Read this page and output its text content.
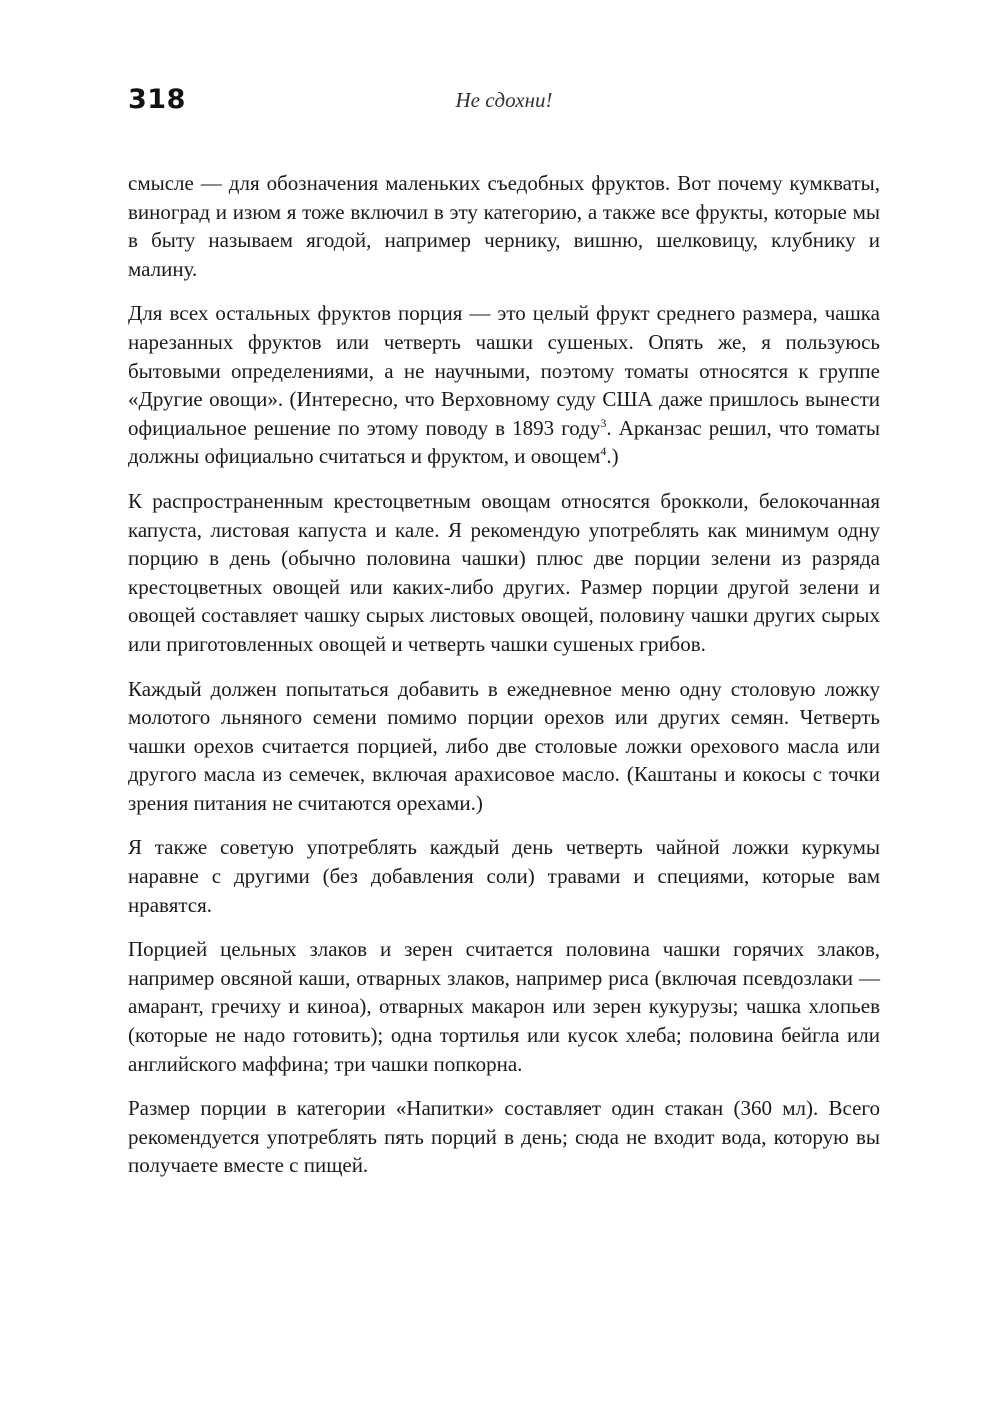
318	Не сдохни!

смысле — для обозначения маленьких съедобных фруктов. Вот почему кумкваты, виноград и изюм я тоже включил в эту категорию, а также все фрукты, которые мы в быту называем ягодой, например чернику, вишню, шелковицу, клубнику и малину.

Для всех остальных фруктов порция — это целый фрукт среднего размера, чашка нарезанных фруктов или четверть чашки сушеных. Опять же, я пользуюсь бытовыми определениями, а не научными, поэтому томаты относятся к группе «Другие овощи». (Интересно, что Верховному суду США даже пришлось вынести официальное решение по этому поводу в 1893 году$^3$. Арканзас решил, что томаты должны официально считаться и фруктом, и овощем$^4$.)

К распространенным крестоцветным овощам относятся брокколи, белокочанная капуста, листовая капуста и кале. Я рекомендую употреблять как минимум одну порцию в день (обычно половина чашки) плюс две порции зелени из разряда крестоцветных овощей или каких-либо других. Размер порции другой зелени и овощей составляет чашку сырых листовых овощей, половину чашки других сырых или приготовленных овощей и четверть чашки сушеных грибов.

Каждый должен попытаться добавить в ежедневное меню одну столовую ложку молотого льняного семени помимо порции орехов или других семян. Четверть чашки орехов считается порцией, либо две столовые ложки орехового масла или другого масла из семечек, включая арахисовое масло. (Каштаны и кокосы с точки зрения питания не считаются орехами.)

Я также советую употреблять каждый день четверть чайной ложки куркумы наравне с другими (без добавления соли) травами и специями, которые вам нравятся.

Порцией цельных злаков и зерен считается половина чашки горячих злаков, например овсяной каши, отварных злаков, например риса (включая псевдозлаки — амарант, гречиху и киноа), отварных макарон или зерен кукурузы; чашка хлопьев (которые не надо готовить); одна тортилья или кусок хлеба; половина бейгла или английского маффина; три чашки попкорна.

Размер порции в категории «Напитки» составляет один стакан (360 мл). Всего рекомендуется употреблять пять порций в день; сюда не входит вода, которую вы получаете вместе с пищей.
